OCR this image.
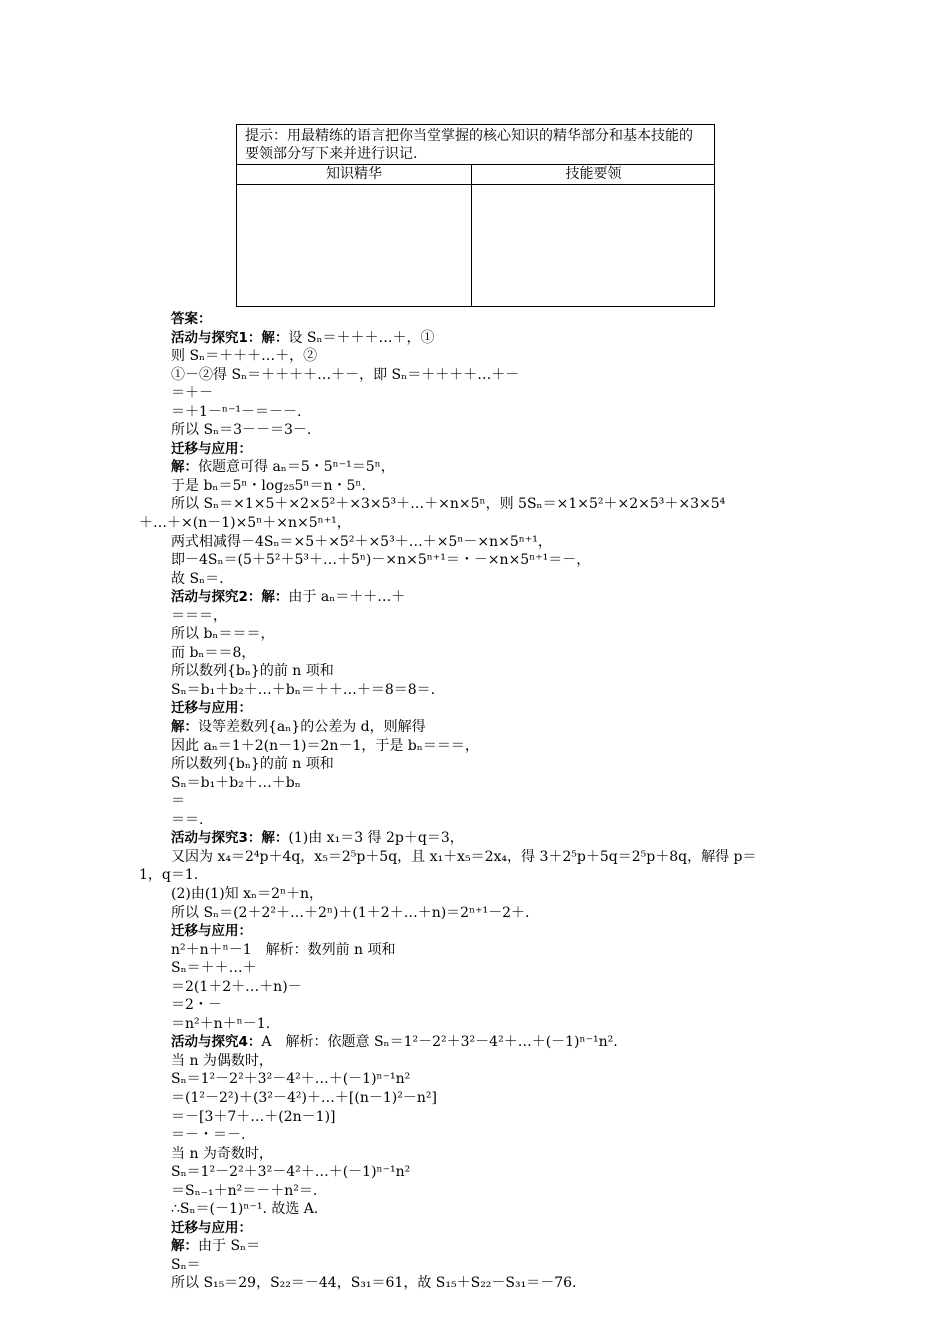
提示：用最精练的语言把你当堂掌握的核心知识的精华部分和基本技能的要领部分写下来并进行识记.
知识精华	技能要领
答案：
活动与探究1：解：设 Sₙ＝＋＋＋…＋，①
则 Sₙ＝＋＋＋…＋，②
①－②得 Sₙ＝＋＋＋＋…＋－，即 Sₙ＝＋＋＋＋…＋－
＝＋－
＝＋1－ⁿ⁻¹－＝－－.
所以 Sₙ＝3－－＝3－.
迁移与应用：
解：依题意可得 aₙ＝5・5ⁿ⁻¹＝5ⁿ，
于是 bₙ＝5ⁿ・log₂₅5ⁿ＝n・5ⁿ.
所以 Sₙ＝×1×5＋×2×5²＋×3×5³＋…＋×n×5ⁿ，则 5Sₙ＝×1×5²＋×2×5³＋×3×5⁴
＋…＋×(n－1)×5ⁿ＋×n×5ⁿ⁺¹，
两式相减得－4Sₙ＝×5＋×5²＋×5³＋…＋×5ⁿ－×n×5ⁿ⁺¹，
即－4Sₙ＝(5＋5²＋5³＋…＋5ⁿ)－×n×5ⁿ⁺¹＝・－×n×5ⁿ⁺¹＝－，
故 Sₙ＝.
活动与探究2：解：由于 aₙ＝＋＋…＋
＝＝＝，
所以 bₙ＝＝＝，
而 bₙ＝＝8，
所以数列{bₙ}的前 n 项和
Sₙ＝b₁＋b₂＋…＋bₙ＝＋＋…＋＝8＝8＝.
迁移与应用：
解：设等差数列{aₙ}的公差为 d，则解得
因此 aₙ＝1＋2(n－1)＝2n－1，于是 bₙ＝＝＝，
所以数列{bₙ}的前 n 项和
Sₙ＝b₁＋b₂＋…＋bₙ
＝
＝＝.
活动与探究3：解：(1)由 x₁＝3 得 2p＋q＝3，
又因为 x₄＝2⁴p＋4q，x₅＝2⁵p＋5q，且 x₁＋x₅＝2x₄，得 3＋2⁵p＋5q＝2⁵p＋8q，解得 p＝
1，q＝1.
(2)由(1)知 xₙ＝2ⁿ＋n，
所以 Sₙ＝(2＋2²＋…＋2ⁿ)＋(1＋2＋…＋n)＝2ⁿ⁺¹－2＋.
迁移与应用：
n²＋n＋ⁿ－1　解析：数列前 n 项和
Sₙ＝＋＋…＋
＝2(1＋2＋…＋n)－
＝2・－
＝n²＋n＋ⁿ－1.
活动与探究4：A　解析：依题意 Sₙ＝1²－2²＋3²－4²＋…＋(－1)ⁿ⁻¹n².
当 n 为偶数时，
Sₙ＝1²－2²＋3²－4²＋…＋(－1)ⁿ⁻¹n²
＝(1²－2²)＋(3²－4²)＋…＋[(n－1)²－n²]
＝－[3＋7＋…＋(2n－1)]
＝－・＝－.
当 n 为奇数时，
Sₙ＝1²－2²＋3²－4²＋…＋(－1)ⁿ⁻¹n²
＝Sₙ₋₁＋n²＝－＋n²＝.
∴Sₙ＝(－1)ⁿ⁻¹. 故选 A.
迁移与应用：
解：由于 Sₙ＝
Sₙ＝
所以 S₁₅＝29，S₂₂＝－44，S₃₁＝61，故 S₁₅＋S₂₂－S₃₁＝－76.
